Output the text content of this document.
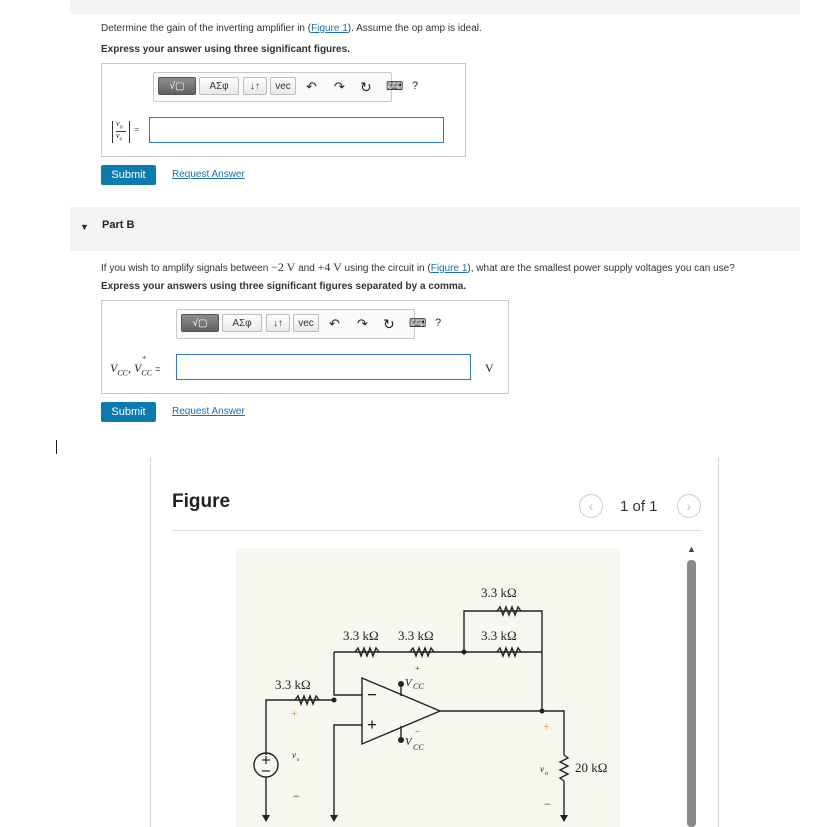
Determine the gain of the inverting amplifier in (Figure 1). Assume the op amp is ideal.
Express your answer using three significant figures.
√▢	ΑΣφ	↓↑	vec	↶ ↷ ↻ ⌨ ?
$v_o$
$v_s$
=
Submit	Request Answer
▼ Part B
If you wish to amplify signals between −2 V and +4 V using the circuit in (Figure 1), what are the smallest power supply voltages you can use?
Express your answers using three significant figures separated by a comma.
√▢	ΑΣφ	↓↑	vec	↶ ↷ ↻ ⌨ ?
$V_{CC}$, V
+
$_{CC}$ =	V
Submit	Request Answer
Figure	‹	1 of 1	›
▲
3.3 kΩ
3.3 kΩ 3.3 kΩ	3.3 kΩ
3.3 kΩ
20 kΩ
V
+
CC
V
−
CC
v s
v o
+
−
+
−
